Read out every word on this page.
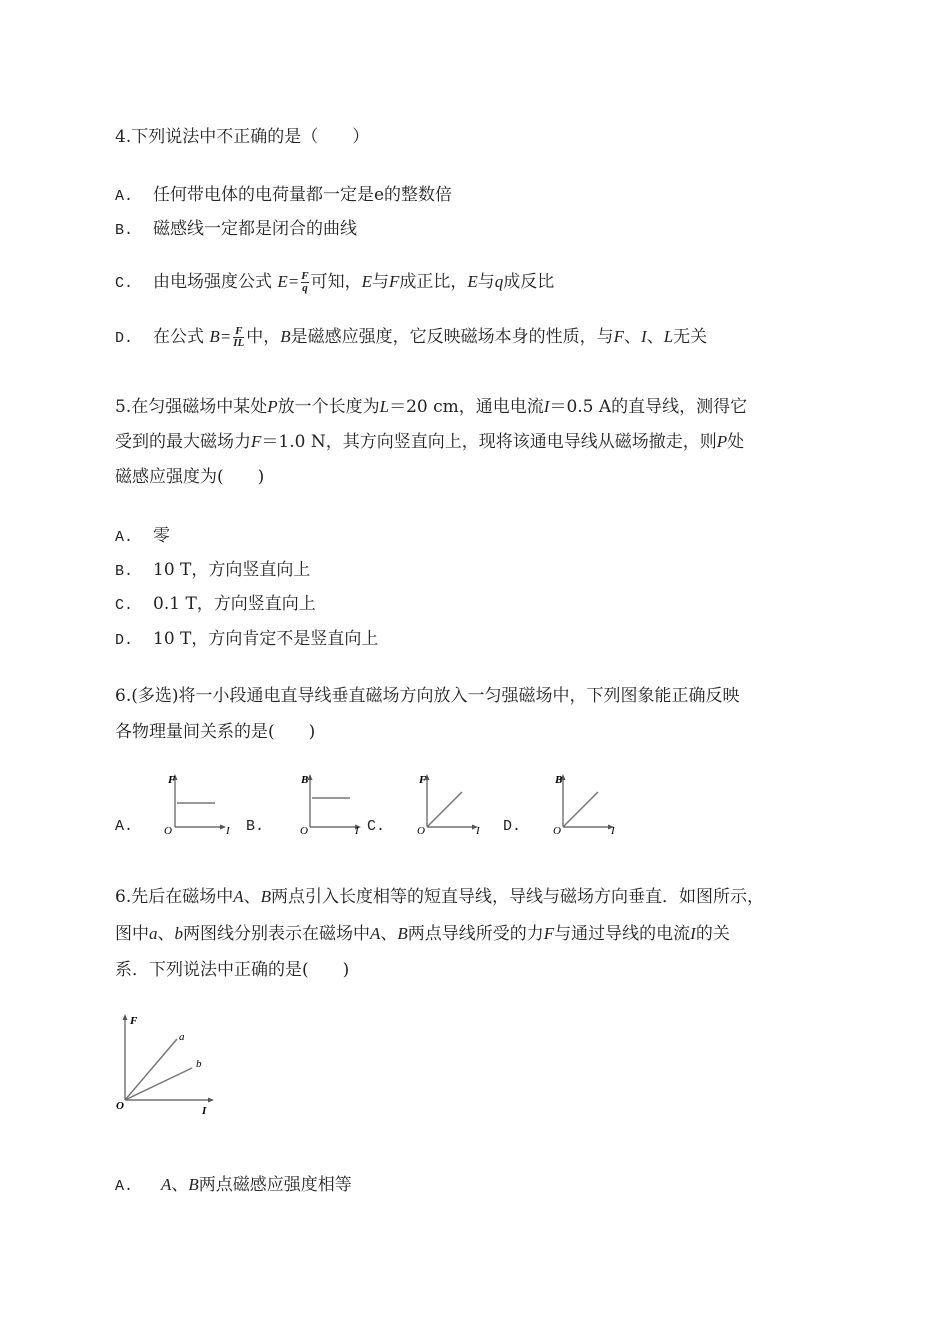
4.下列说法中不正确的是（　　）
A. 任何带电体的电荷量都一定是e的整数倍
B. 磁感线一定都是闭合的曲线
C. 由电场强度公式 $E= \frac{F}{q}$ 可知，E与F成正比，E与q成反比
D. 在公式 $B= \frac{F}{IL}$ 中，B是磁感应强度，它反映磁场本身的性质，与F、I、L无关
5.在匀强磁场中某处P放一个长度为L＝20 cm，通电电流I＝0.5 A的直导线，测得它
受到的最大磁场力F＝1.0 N，其方向竖直向上，现将该通电导线从磁场撤走，则P处
磁感应强度为(　　)
A. 零
B. 10 T，方向竖直向上
C. 0.1 T，方向竖直向上
D. 10 T，方向肯定不是竖直向上
6.(多选)将一小段通电直导线垂直磁场方向放入一匀强磁场中，下列图象能正确反映
各物理量间关系的是(　　)
A.	B.	C.	D.
F
O	I
B
O	I
F
O	I
B
O	I
6.先后在磁场中A、B两点引入长度相等的短直导线，导线与磁场方向垂直．如图所示，
图中a、b两图线分别表示在磁场中A、B两点导线所受的力F与通过导线的电流I的关
系．下列说法中正确的是(　　)
F
O	I
a
b
A. A、B两点磁感应强度相等
